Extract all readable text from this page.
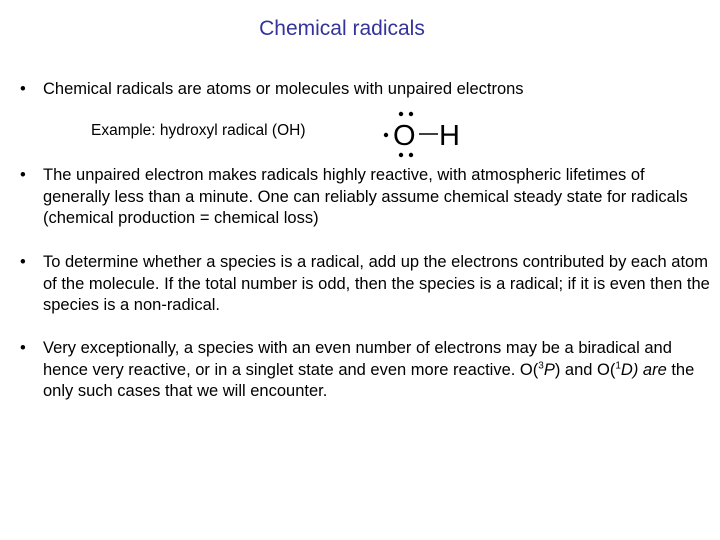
Chemical radicals
• Chemical radicals are atoms or molecules with unpaired electrons
Example: hydroxyl radical (OH)	O H
• The unpaired electron makes radicals highly reactive, with atmospheric lifetimes of generally less than a minute. One can reliably assume chemical steady state for radicals (chemical production = chemical loss)
• To determine whether a species is a radical, add up the electrons contributed by each atom of the molecule. If the total number is odd, then the species is a radical; if it is even then the species is a non-radical.
• Very exceptionally, a species with an even number of electrons may be a biradical and hence very reactive, or in a singlet state and even more reactive. O($^3$P) and O($^1$D) are the only such cases that we will encounter.
